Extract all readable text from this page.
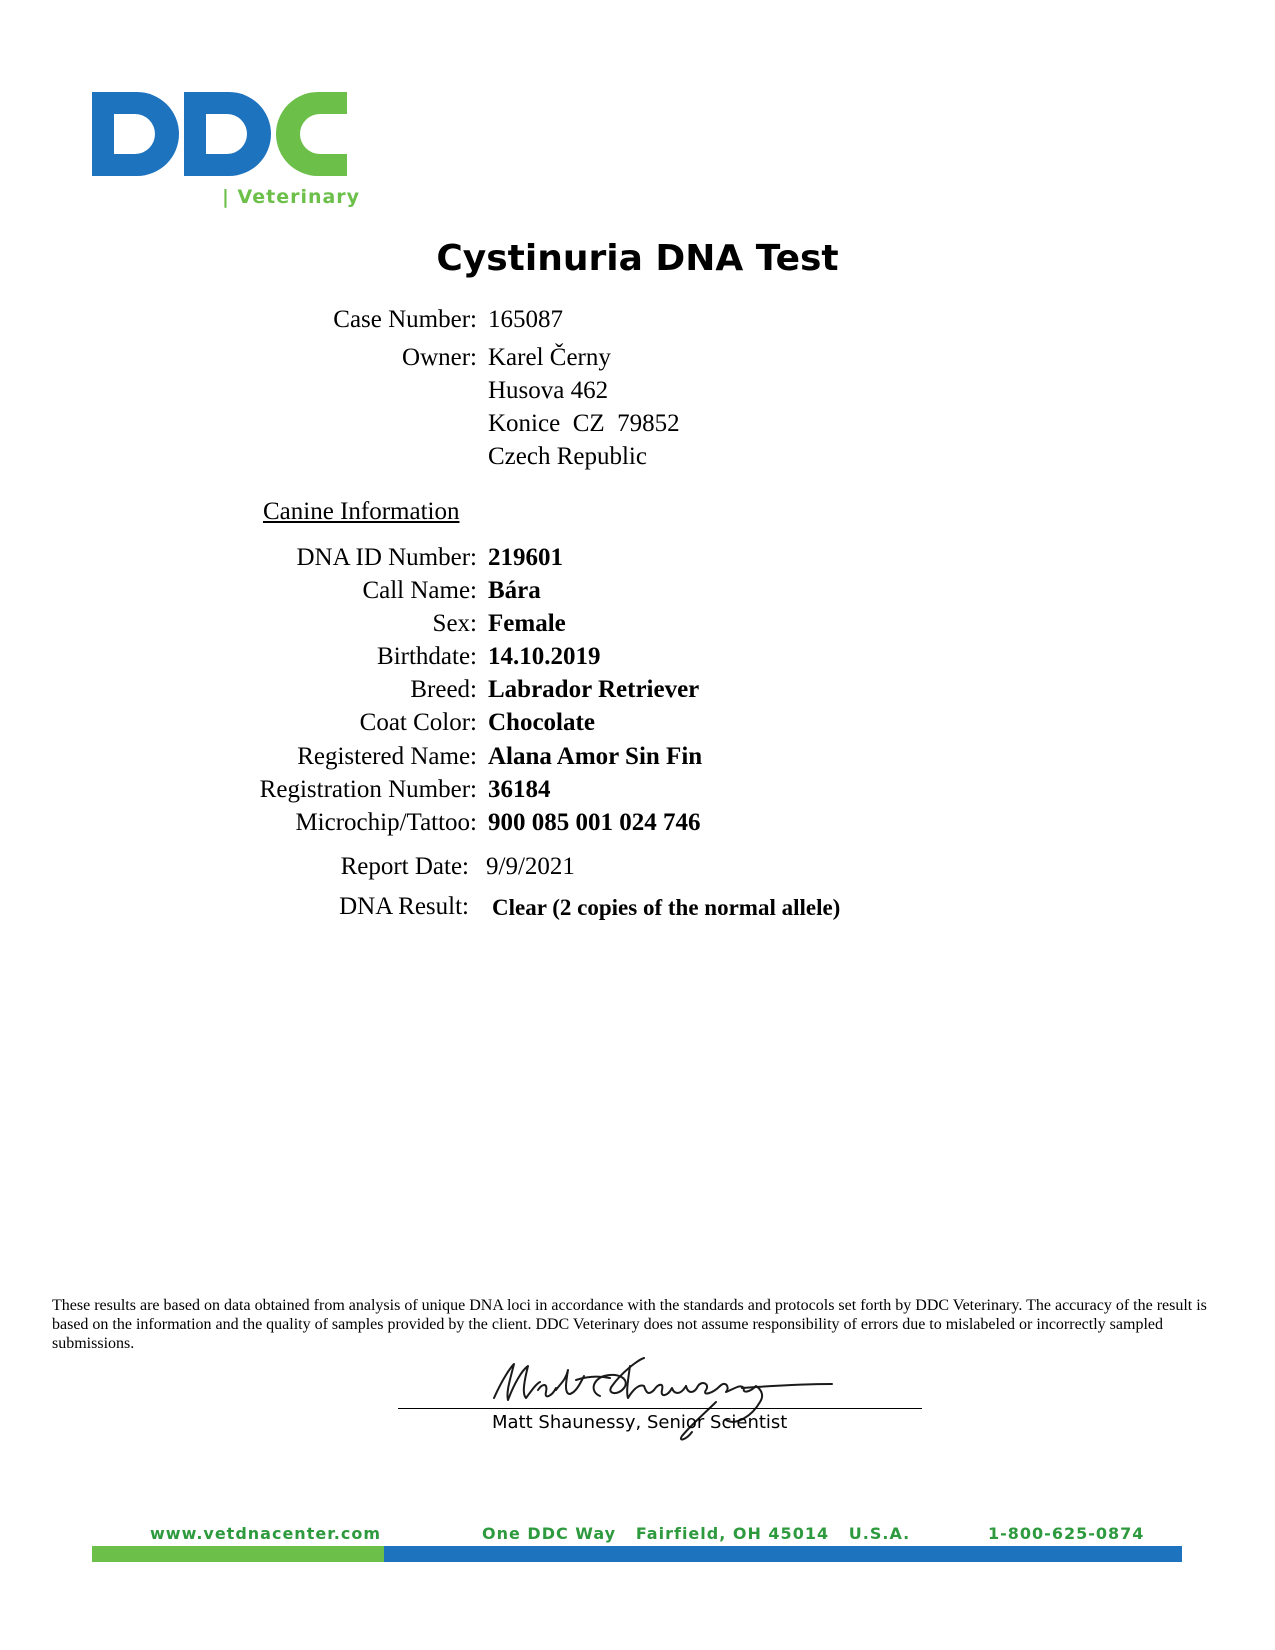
| Veterinary
Cystinuria DNA Test
Case Number: 165087
Owner: Karel Černy
Husova 462
Konice  CZ  79852
Czech Republic
Canine Information
DNA ID Number: 219601
Call Name: Bára
Sex: Female
Birthdate: 14.10.2019
Breed: Labrador Retriever
Coat Color: Chocolate
Registered Name: Alana Amor Sin Fin
Registration Number: 36184
Microchip/Tattoo: 900 085 001 024 746
Report Date: 9/9/2021
DNA Result: Clear (2 copies of the normal allele)
These results are based on data obtained from analysis of unique DNA loci in accordance with the standards and protocols set forth by DDC Veterinary. The accuracy of the result is based on the information and the quality of samples provided by the client. DDC Veterinary does not assume responsibility of errors due to mislabeled or incorrectly sampled submissions.
Matt Shaunessy, Senior Scientist
www.vetdnacenter.com	One DDC Way   Fairfield, OH 45014   U.S.A.	1-800-625-0874
